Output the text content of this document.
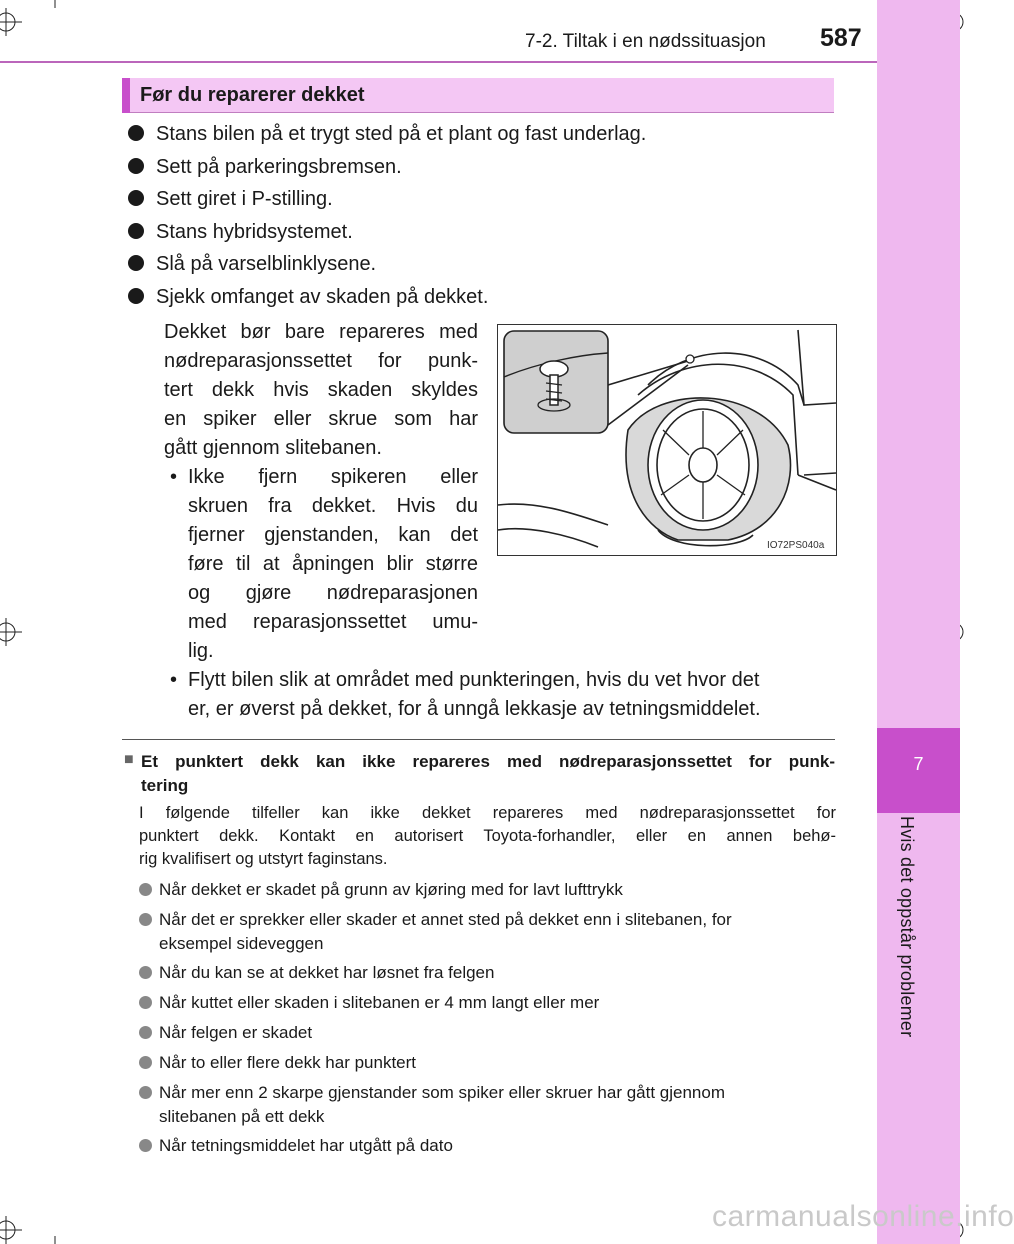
7
Hvis det oppstår problemer
7-2. Tiltak i en nødssituasjon 587
Før du reparerer dekket
Stans bilen på et trygt sted på et plant og fast underlag.
Sett på parkeringsbremsen.
Sett giret i P-stilling.
Stans hybridsystemet.
Slå på varselblinklysene.
Sjekk omfanget av skaden på dekket.
Dekket bør bare repareres med
nødreparasjonssettet for punk-
tert dekk hvis skaden skyldes
en spiker eller skrue som har
gått gjennom slitebanen.
• Ikke fjern spikeren eller
skruen fra dekket. Hvis du
fjerner gjenstanden, kan det
føre til at åpningen blir større
og gjøre nødreparasjonen
med reparasjonssettet umu-
lig.
• Flytt bilen slik at området med punkteringen, hvis du vet hvor det
er, er øverst på dekket, for å unngå lekkasje av tetningsmiddelet.
IO72PS040a
■ Et punktert dekk kan ikke repareres med nødreparasjonssettet for punk-
tering
I følgende tilfeller kan ikke dekket repareres med nødreparasjonssettet for
punktert dekk. Kontakt en autorisert Toyota-forhandler, eller en annen behø-
rig kvalifisert og utstyrt faginstans.
Når dekket er skadet på grunn av kjøring med for lavt lufttrykk
Når det er sprekker eller skader et annet sted på dekket enn i slitebanen, for
eksempel sideveggen
Når du kan se at dekket har løsnet fra felgen
Når kuttet eller skaden i slitebanen er 4 mm langt eller mer
Når felgen er skadet
Når to eller flere dekk har punktert
Når mer enn 2 skarpe gjenstander som spiker eller skruer har gått gjennom
slitebanen på ett dekk
Når tetningsmiddelet har utgått på dato
carmanualsonline.info
